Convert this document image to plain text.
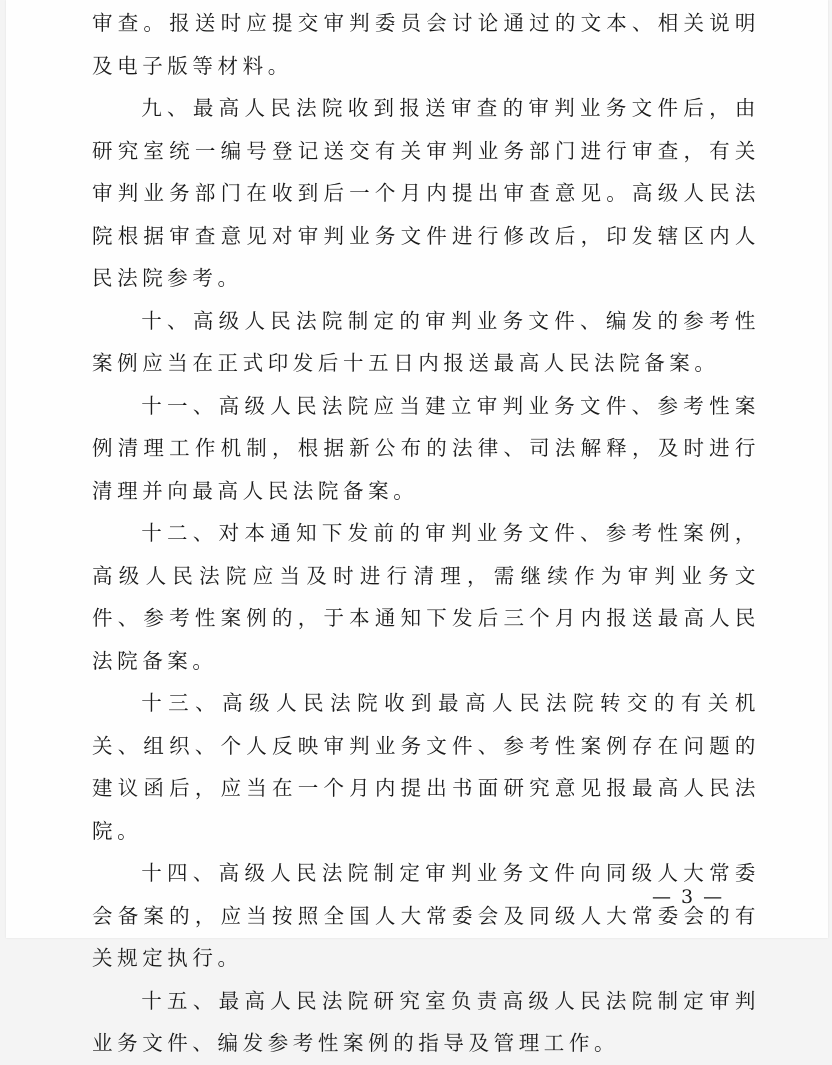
审查。报送时应提交审判委员会讨论通过的文本、相关说明及电子版等材料。

九、最高人民法院收到报送审查的审判业务文件后，由研究室统一编号登记送交有关审判业务部门进行审查，有关审判业务部门在收到后一个月内提出审查意见。高级人民法院根据审查意见对审判业务文件进行修改后，印发辖区内人民法院参考。

十、高级人民法院制定的审判业务文件、编发的参考性案例应当在正式印发后十五日内报送最高人民法院备案。

十一、高级人民法院应当建立审判业务文件、参考性案例清理工作机制，根据新公布的法律、司法解释，及时进行清理并向最高人民法院备案。

十二、对本通知下发前的审判业务文件、参考性案例，高级人民法院应当及时进行清理，需继续作为审判业务文件、参考性案例的，于本通知下发后三个月内报送最高人民法院备案。

十三、高级人民法院收到最高人民法院转交的有关机关、组织、个人反映审判业务文件、参考性案例存在问题的建议函后，应当在一个月内提出书面研究意见报最高人民法院。

十四、高级人民法院制定审判业务文件向同级人大常委会备案的，应当按照全国人大常委会及同级人大常委会的有关规定执行。

十五、最高人民法院研究室负责高级人民法院制定审判业务文件、编发参考性案例的指导及管理工作。

— 3 —
